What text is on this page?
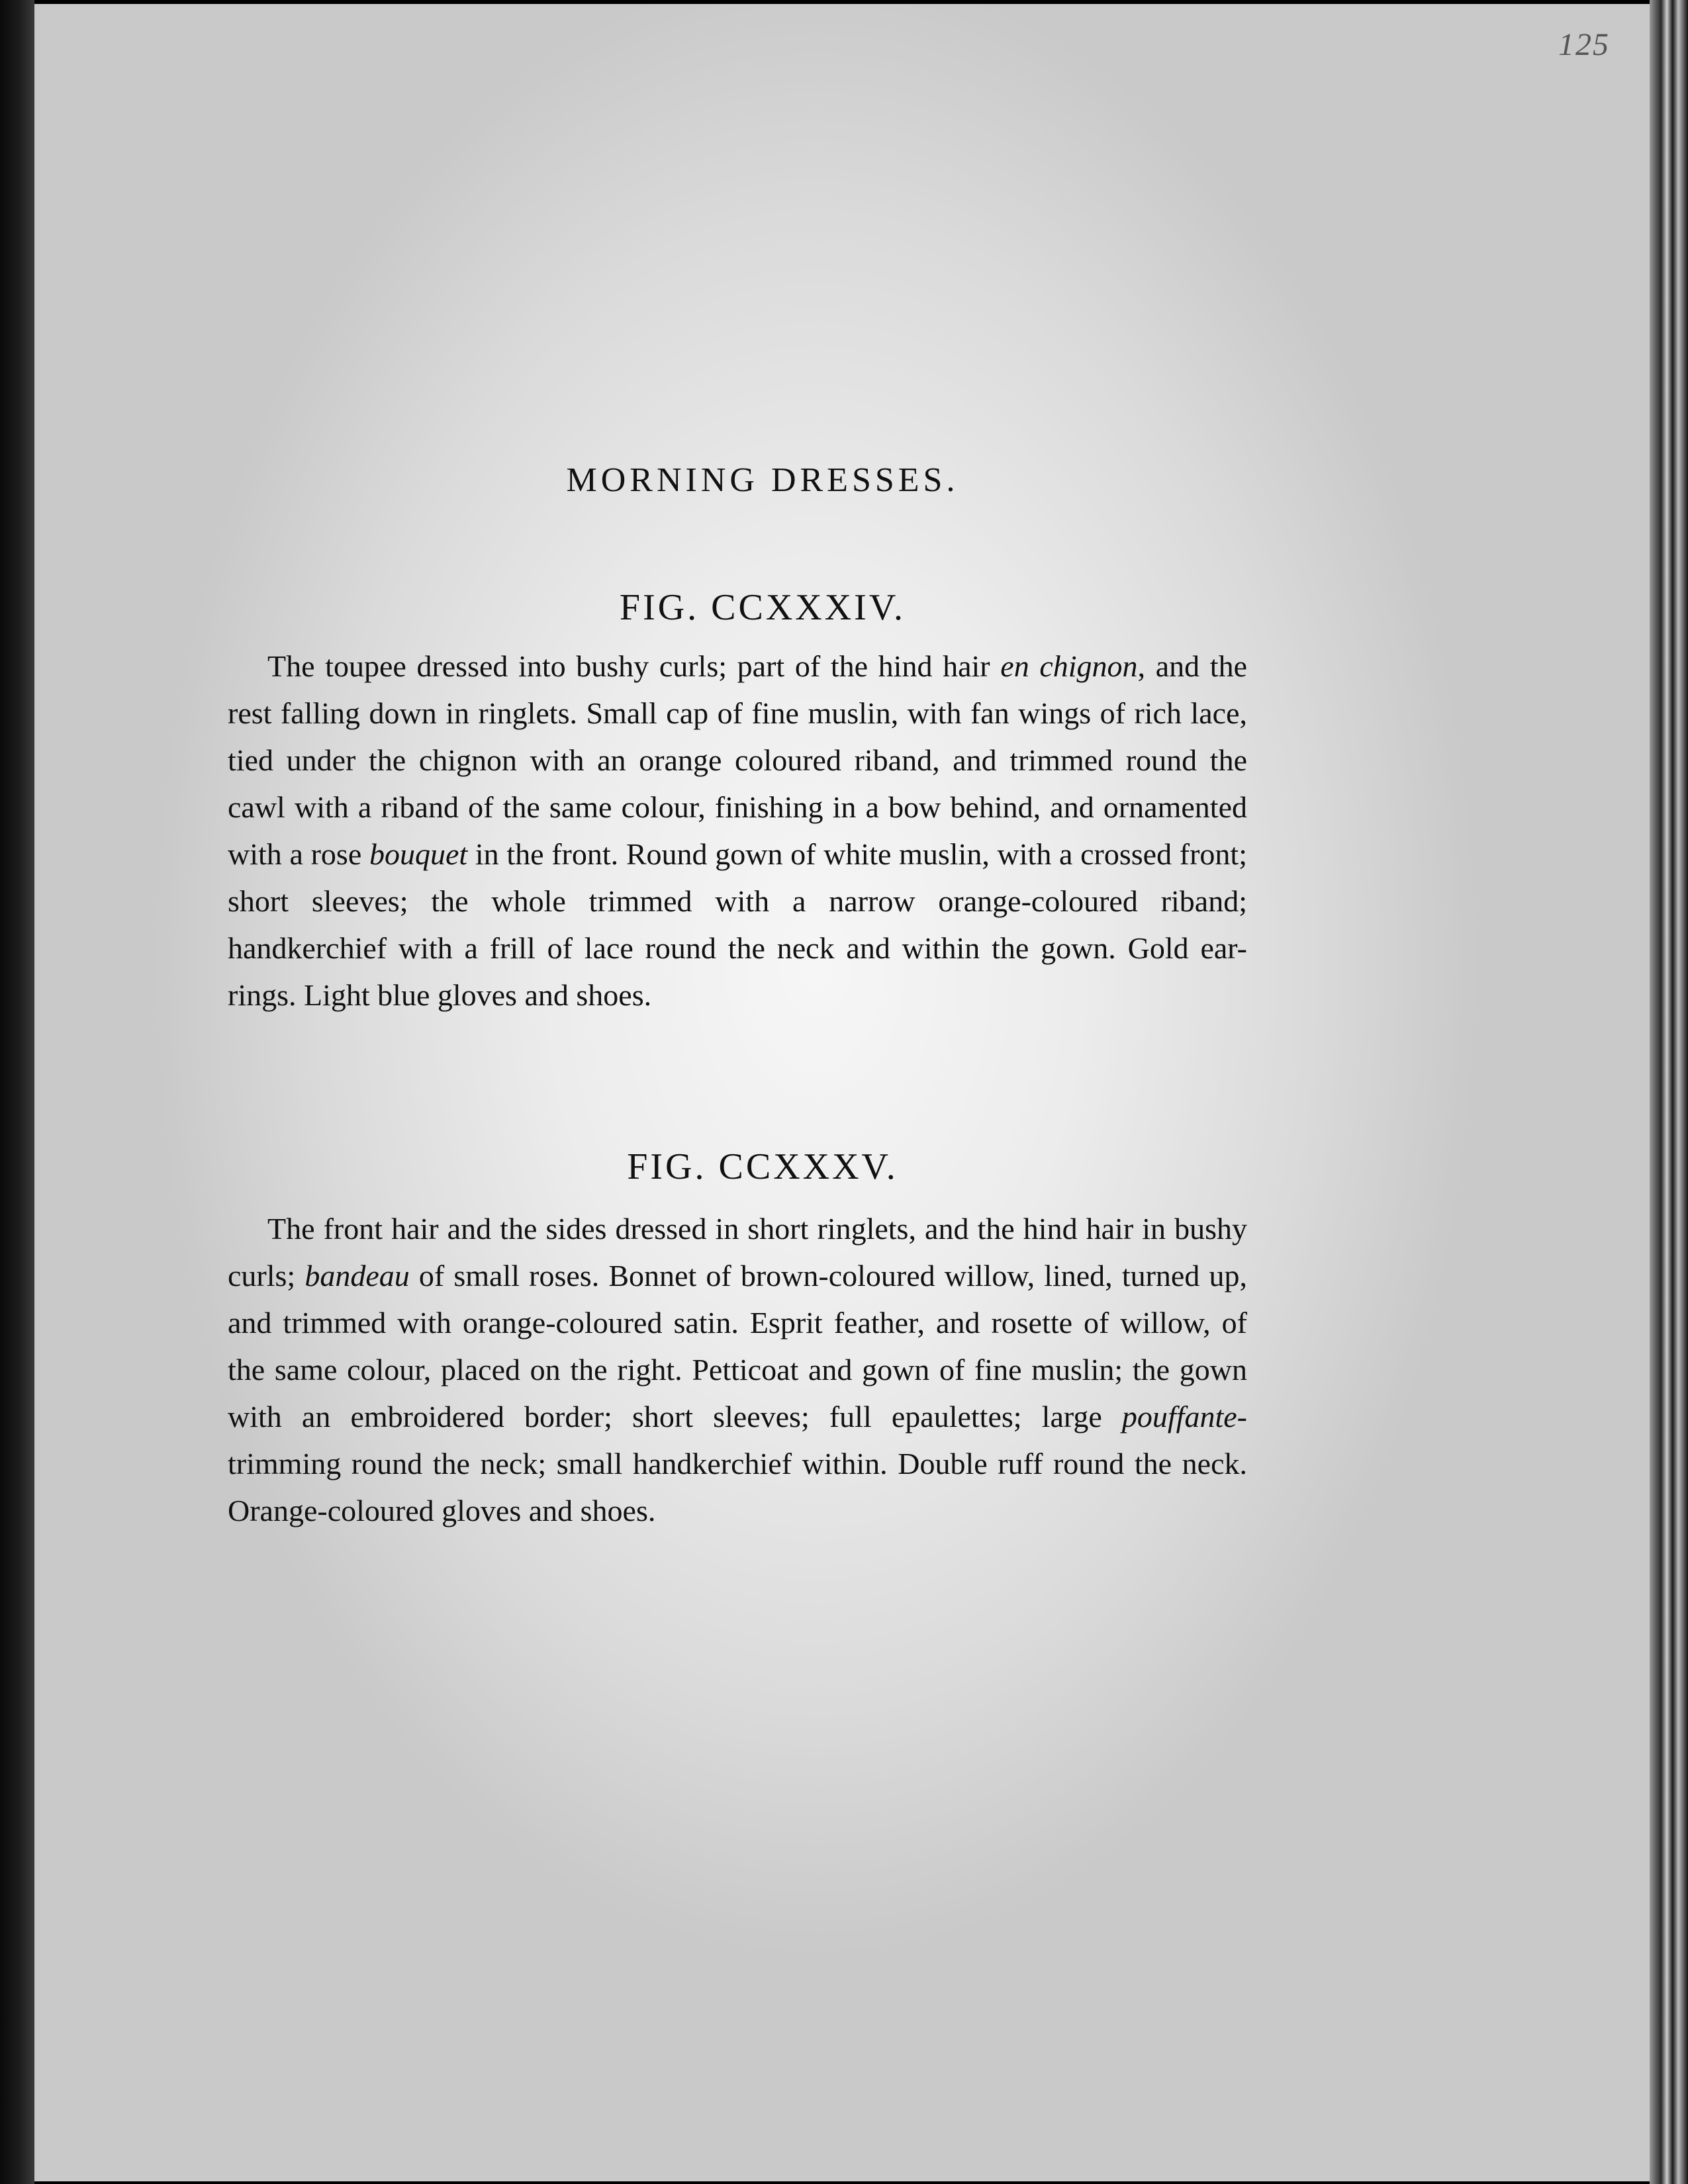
125
MORNING DRESSES.
FIG. CCXXXIV.

The toupee dressed into bushy curls; part of the hind hair en chignon, and the rest falling down in ringlets. Small cap of fine muslin, with fan wings of rich lace, tied under the chignon with an orange coloured riband, and trimmed round the cawl with a riband of the same colour, finishing in a bow behind, and ornamented with a rose bouquet in the front. Round gown of white muslin, with a crossed front; short sleeves; the whole trimmed with a narrow orange-coloured riband; handkerchief with a frill of lace round the neck and within the gown. Gold ear-rings. Light blue gloves and shoes.

FIG. CCXXXV.

The front hair and the sides dressed in short ringlets, and the hind hair in bushy curls; bandeau of small roses. Bonnet of brown-coloured willow, lined, turned up, and trimmed with orange-coloured satin. Esprit feather, and rosette of willow, of the same colour, placed on the right. Petticoat and gown of fine muslin; the gown with an embroidered border; short sleeves; full epaulettes; large pouffante-trimming round the neck; small handkerchief within. Double ruff round the neck. Orange-coloured gloves and shoes.
